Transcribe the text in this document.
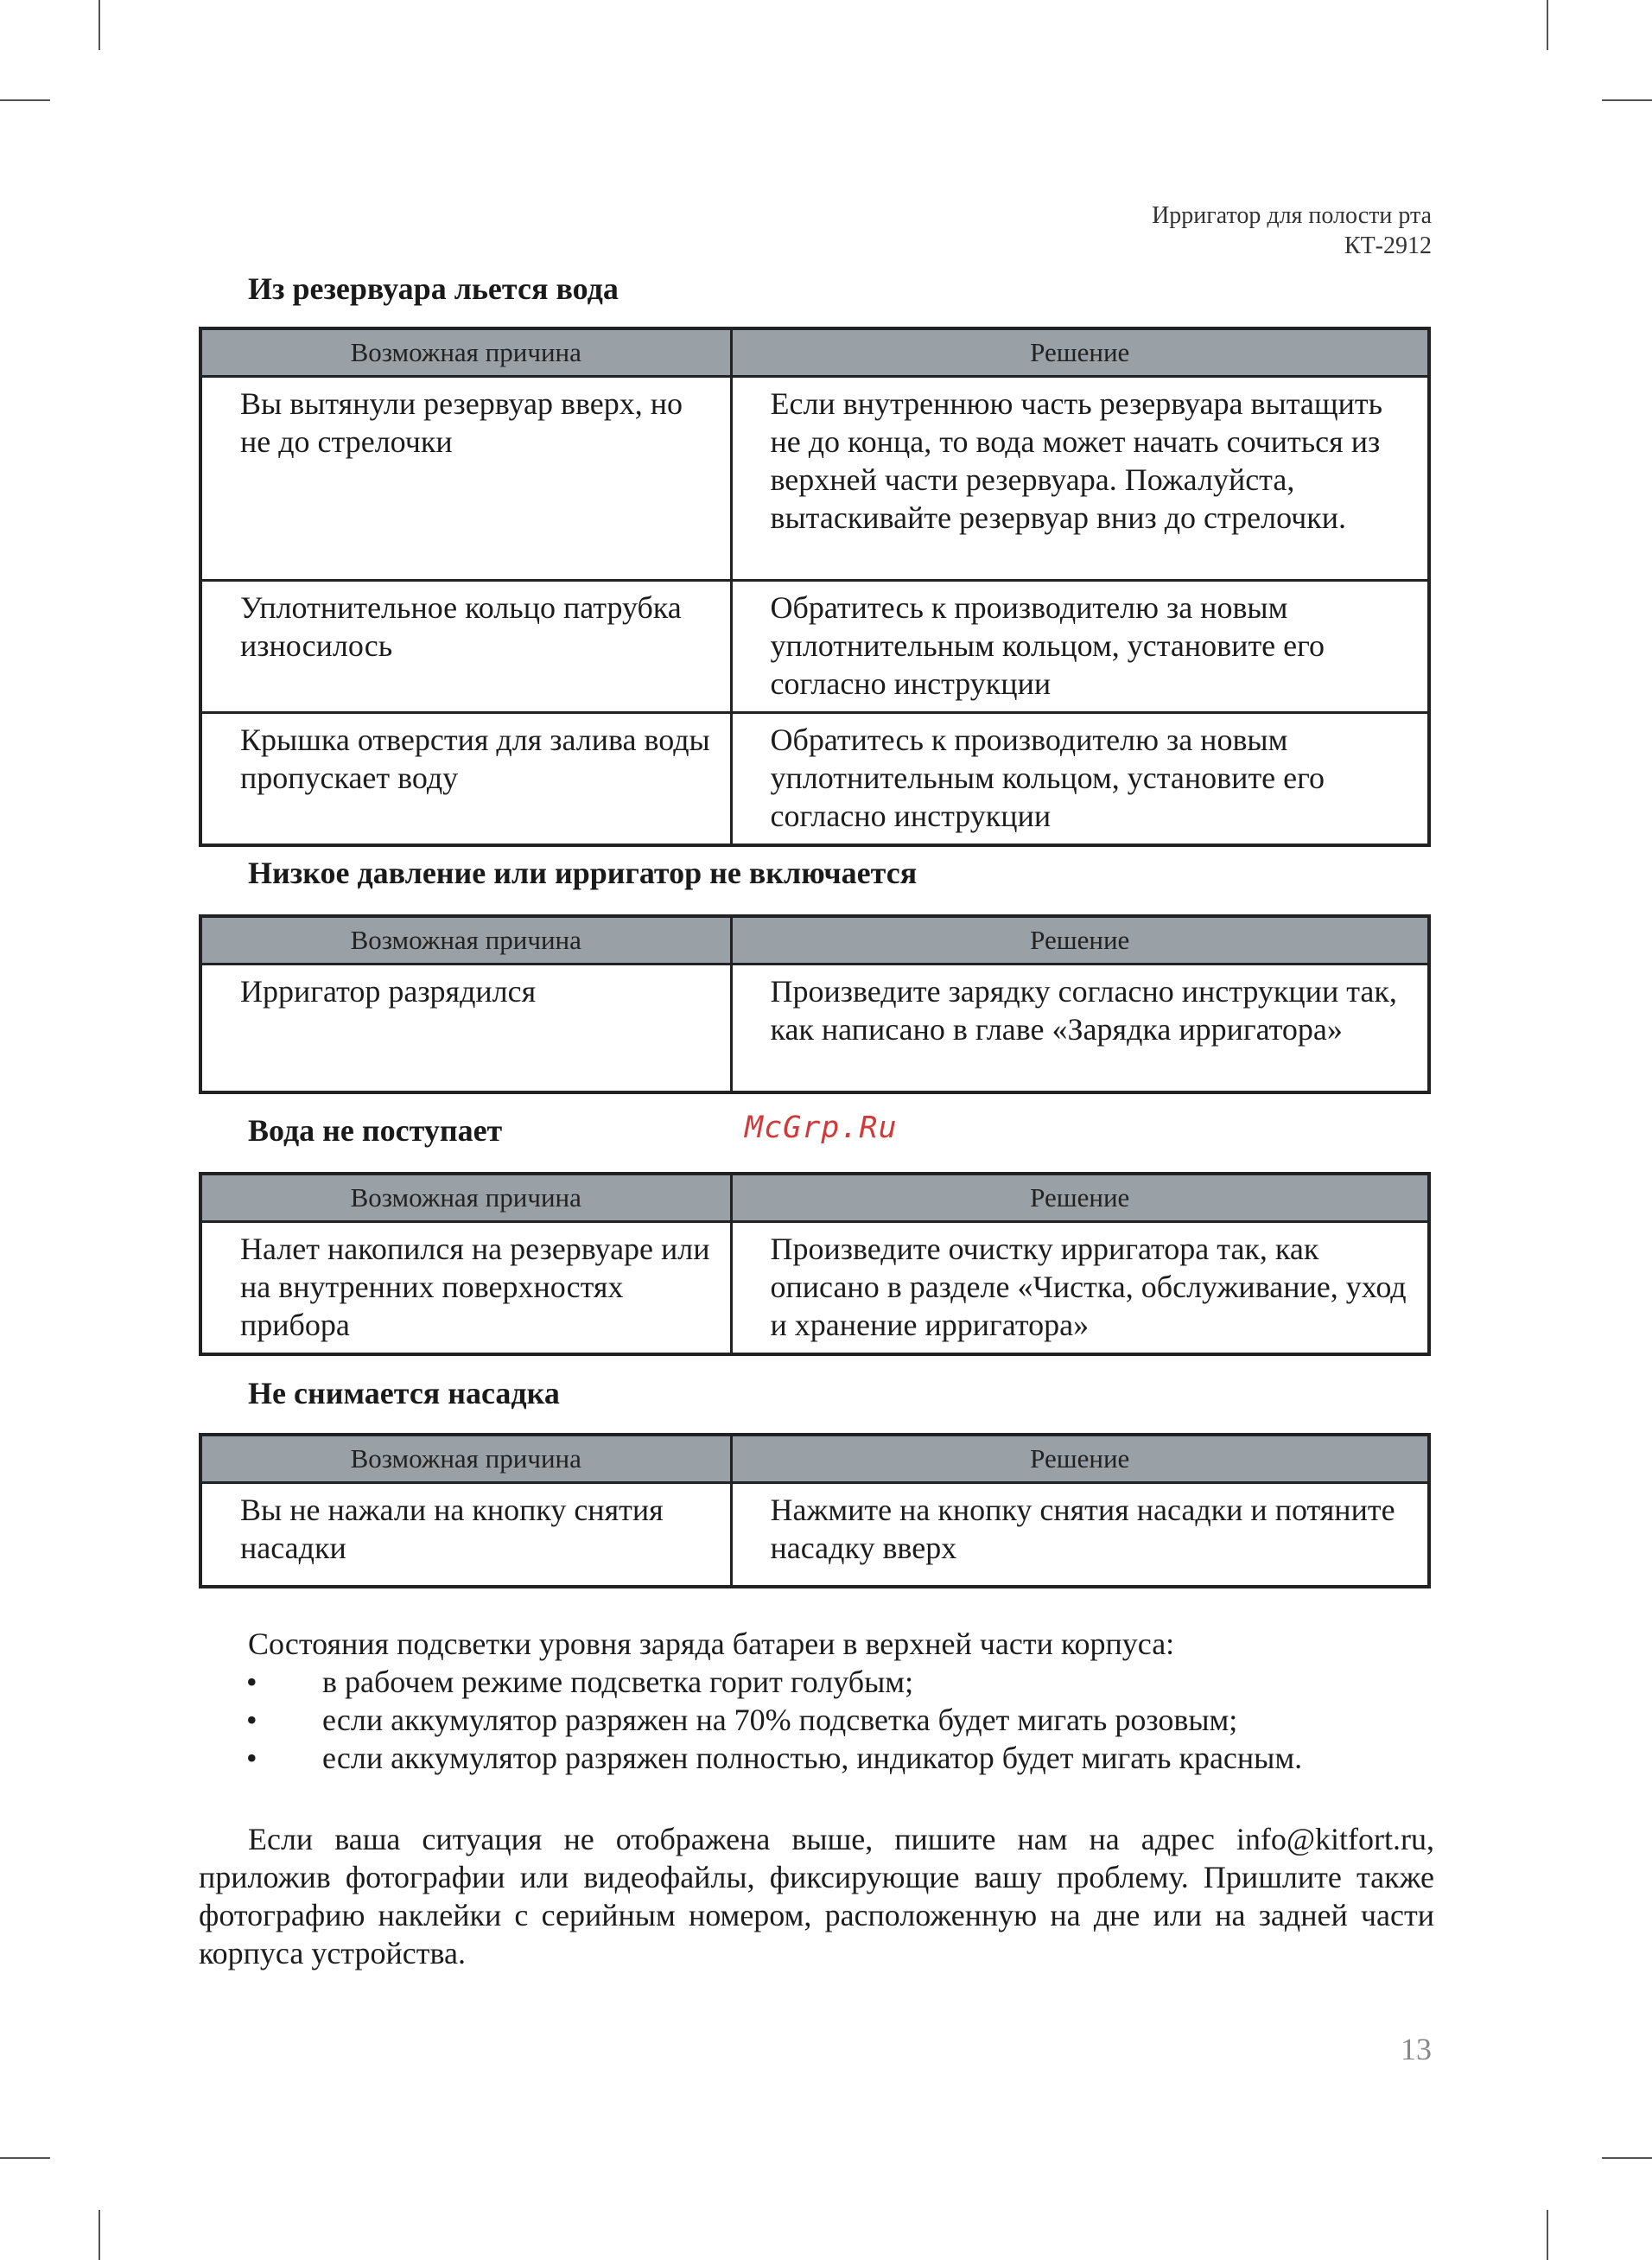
Ирригатор для полости рта
КТ-2912
Из резервуара льется вода
Возможная причина	Решение
Вы вытянули резервуар вверх, но не до стрелочки	Если внутреннюю часть резервуара вытащить не до конца, то вода может начать сочиться из верхней части резервуара. Пожалуйста, вытаскивайте резервуар вниз до стрелочки.
Уплотнительное кольцо патрубка износилось	Обратитесь к производителю за новым уплотнительным кольцом, установите его согласно инструкции
Крышка отверстия для залива воды пропускает воду	Обратитесь к производителю за новым уплотнительным кольцом, установите его согласно инструкции
Низкое давление или ирригатор не включается
Возможная причина	Решение
Ирригатор разрядился	Произведите зарядку согласно инструкции так, как написано в главе «Зарядка ирригатора»
Вода не поступает
Возможная причина	Решение
Налет накопился на резервуаре или на внутренних поверхностях прибора	Произведите очистку ирригатора так, как описано в разделе «Чистка, обслуживание, уход и хранение ирригатора»
Не снимается насадка
Возможная причина	Решение
Вы не нажали на кнопку снятия насадки	Нажмите на кнопку снятия насадки и потяните насадку вверх

Состояния подсветки уровня заряда батареи в верхней части корпуса:

• в рабочем режиме подсветка горит голубым;
• если аккумулятор разряжен на 70% подсветка будет мигать розовым;
• если аккумулятор разряжен полностью, индикатор будет мигать красным.

Если ваша ситуация не отображена выше, пишите нам на адрес info@kitfort.ru, приложив фотографии или видеофайлы, фиксирующие вашу проблему. Пришлите также фотографию наклейки с серийным номером, расположенную на дне или на задней части корпуса устройства.

McGrp.Ru
13
